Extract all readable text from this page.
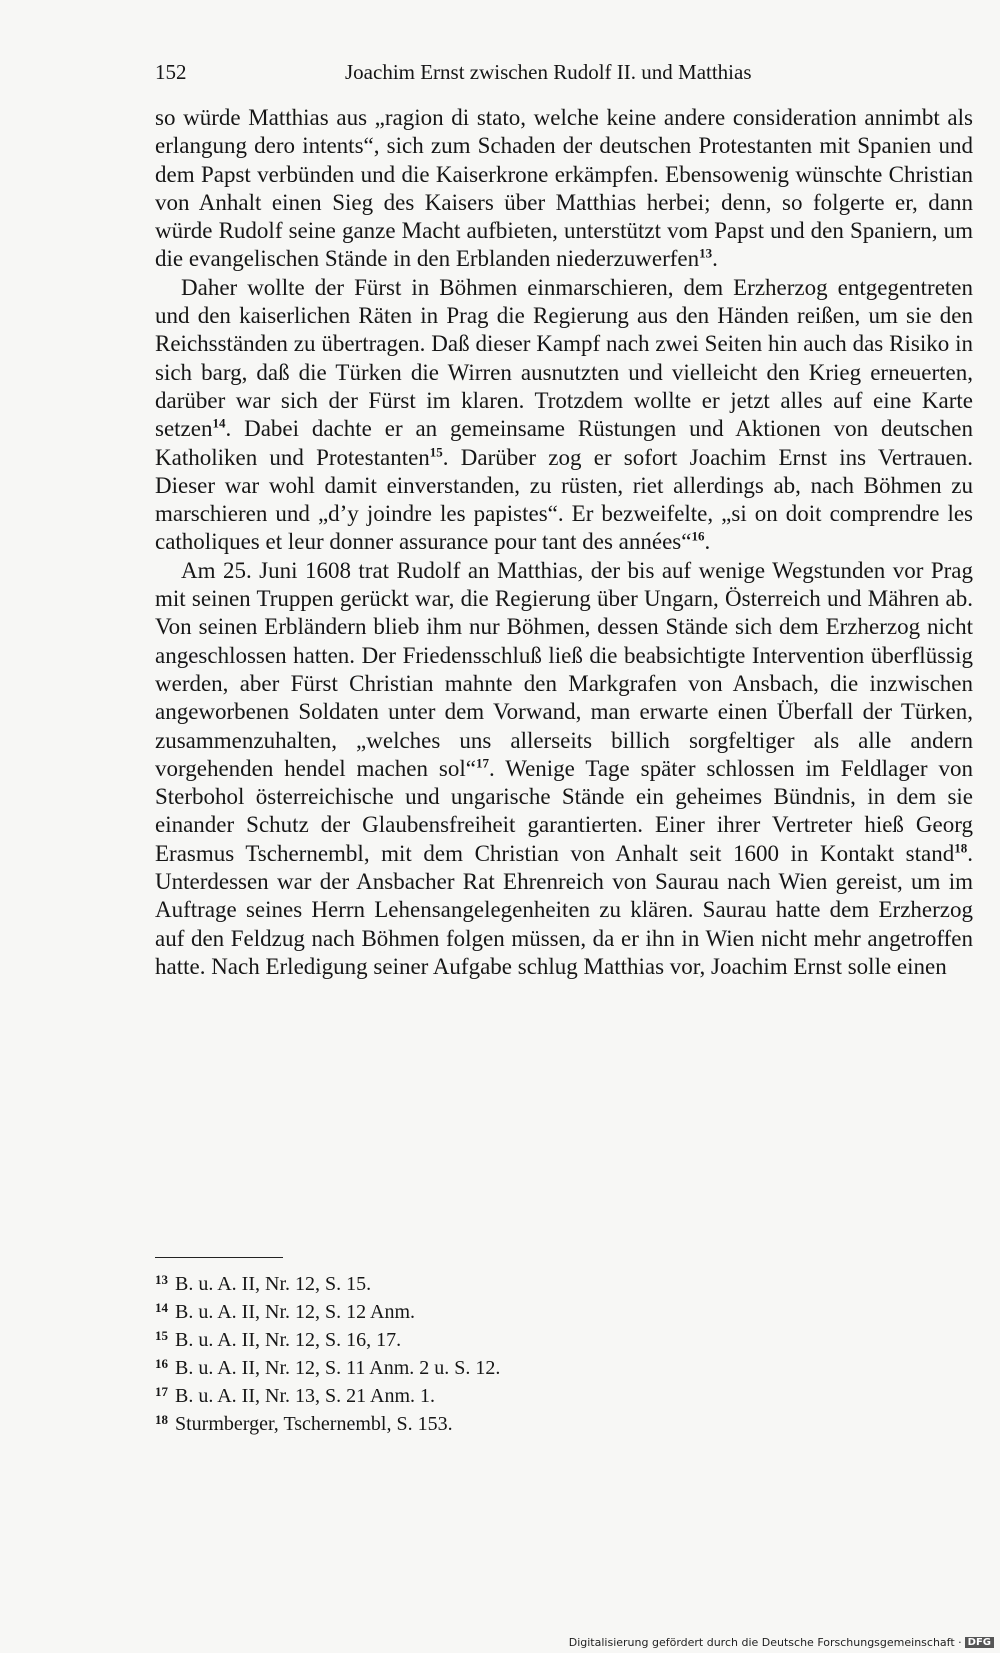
152	Joachim Ernst zwischen Rudolf II. und Matthias

so würde Matthias aus „ragion di stato, welche keine andere consideration annimbt als erlangung dero intents“, sich zum Schaden der deutschen Protestanten mit Spanien und dem Papst verbünden und die Kaiserkrone erkämpfen. Ebensowenig wünschte Christian von Anhalt einen Sieg des Kaisers über Matthias herbei; denn, so folgerte er, dann würde Rudolf seine ganze Macht aufbieten, unterstützt vom Papst und den Spaniern, um die evangelischen Stände in den Erblanden niederzuwerfen$^{13}$.

Daher wollte der Fürst in Böhmen einmarschieren, dem Erzherzog entgegentreten und den kaiserlichen Räten in Prag die Regierung aus den Händen reißen, um sie den Reichsständen zu übertragen. Daß dieser Kampf nach zwei Seiten hin auch das Risiko in sich barg, daß die Türken die Wirren ausnutzten und vielleicht den Krieg erneuerten, darüber war sich der Fürst im klaren. Trotzdem wollte er jetzt alles auf eine Karte setzen$^{14}$. Dabei dachte er an gemeinsame Rüstungen und Aktionen von deutschen Katholiken und Protestanten$^{15}$. Darüber zog er sofort Joachim Ernst ins Vertrauen. Dieser war wohl damit einverstanden, zu rüsten, riet allerdings ab, nach Böhmen zu marschieren und „d’y joindre les papistes“. Er bezweifelte, „si on doit comprendre les catholiques et leur donner assurance pour tant des années“$^{16}$.

Am 25. Juni 1608 trat Rudolf an Matthias, der bis auf wenige Wegstunden vor Prag mit seinen Truppen gerückt war, die Regierung über Ungarn, Österreich und Mähren ab. Von seinen Erbländern blieb ihm nur Böhmen, dessen Stände sich dem Erzherzog nicht angeschlossen hatten. Der Friedensschluß ließ die beabsichtigte Intervention überflüssig werden, aber Fürst Christian mahnte den Markgrafen von Ansbach, die inzwischen angeworbenen Soldaten unter dem Vorwand, man erwarte einen Überfall der Türken, zusammenzuhalten, „welches uns allerseits billich sorgfeltiger als alle andern vorgehenden hendel machen sol“$^{17}$. Wenige Tage später schlossen im Feldlager von Sterbohol österreichische und ungarische Stände ein geheimes Bündnis, in dem sie einander Schutz der Glaubensfreiheit garantierten. Einer ihrer Vertreter hieß Georg Erasmus Tschernembl, mit dem Christian von Anhalt seit 1600 in Kontakt stand$^{18}$. Unterdessen war der Ansbacher Rat Ehrenreich von Saurau nach Wien gereist, um im Auftrage seines Herrn Lehensangelegenheiten zu klären. Saurau hatte dem Erzherzog auf den Feldzug nach Böhmen folgen müssen, da er ihn in Wien nicht mehr angetroffen hatte. Nach Erledigung seiner Aufgabe schlug Matthias vor, Joachim Ernst solle einen

13 B. u. A. II, Nr. 12, S. 15.
14 B. u. A. II, Nr. 12, S. 12 Anm.
15 B. u. A. II, Nr. 12, S. 16, 17.
16 B. u. A. II, Nr. 12, S. 11 Anm. 2 u. S. 12.
17 B. u. A. II, Nr. 13, S. 21 Anm. 1.
18 Sturmberger, Tschernembl, S. 153.
Digitalisierung gefördert durch die Deutsche Forschungsgemeinschaft · DFG
